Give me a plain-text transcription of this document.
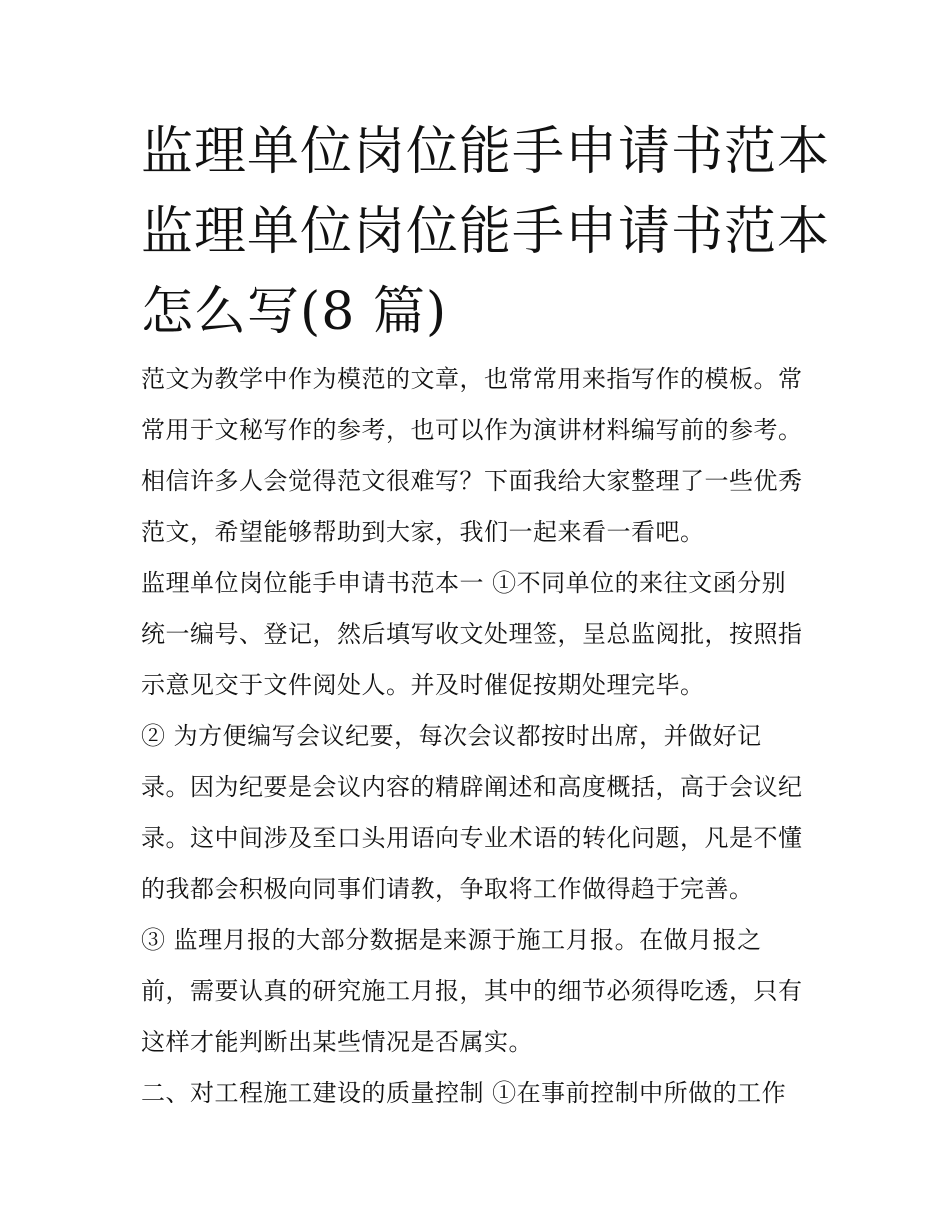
监理单位岗位能手申请书范本
监理单位岗位能手申请书范本
怎么写(8 篇)
范文为教学中作为模范的文章，也常常用来指写作的模板。常
常用于文秘写作的参考，也可以作为演讲材料编写前的参考。
相信许多人会觉得范文很难写？下面我给大家整理了一些优秀
范文，希望能够帮助到大家，我们一起来看一看吧。
监理单位岗位能手申请书范本一 ①不同单位的来往文函分别
统一编号、登记，然后填写收文处理签，呈总监阅批，按照指
示意见交于文件阅处人。并及时催促按期处理完毕。
② 为方便编写会议纪要，每次会议都按时出席，并做好记
录。因为纪要是会议内容的精辟阐述和高度概括，高于会议纪
录。这中间涉及至口头用语向专业术语的转化问题，凡是不懂
的我都会积极向同事们请教，争取将工作做得趋于完善。
③ 监理月报的大部分数据是来源于施工月报。在做月报之
前，需要认真的研究施工月报，其中的细节必须得吃透，只有
这样才能判断出某些情况是否属实。
二、对工程施工建设的质量控制 ①在事前控制中所做的工作
